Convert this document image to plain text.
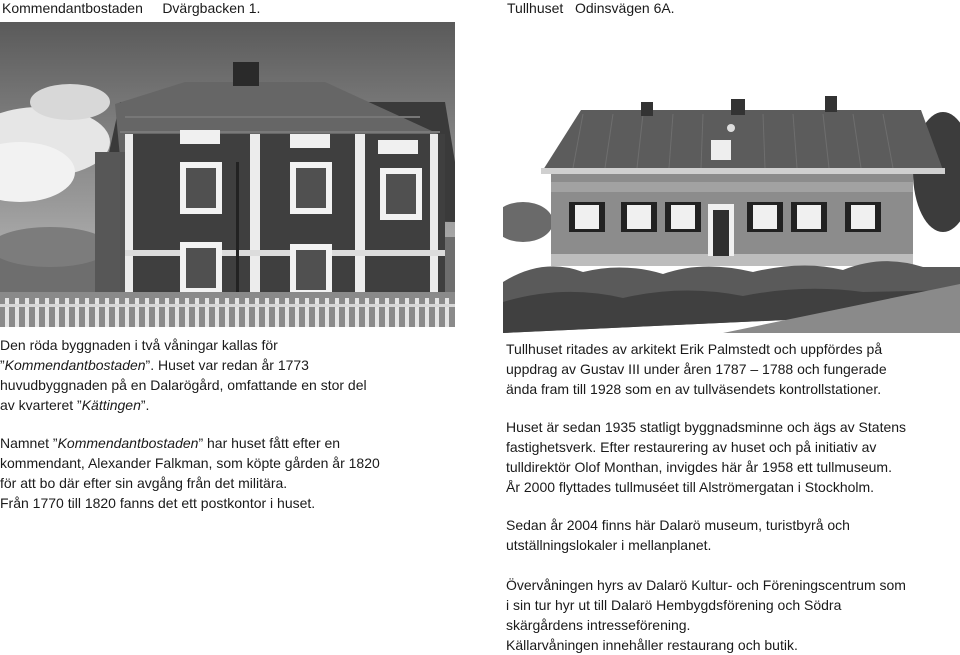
Kommendantbostaden     Dvärgbacken 1.	Tullhuset   Odinsvägen 6A.

Den röda byggnaden i två våningar kallas för
”Kommendantbostaden”. Huset var redan år 1773
huvudbyggnaden på en Dalarögård, omfattande en stor del
av kvarteret ”Kättingen”.

Namnet ”Kommendantbostaden” har huset fått efter en
kommendant, Alexander Falkman, som köpte gården år 1820
för att bo där efter sin avgång från det militära.
Från 1770 till 1820 fanns det ett postkontor i huset.

Tullhuset ritades av arkitekt Erik Palmstedt och uppfördes på
uppdrag av Gustav III under åren 1787 – 1788 och fungerade
ända fram till 1928 som en av tullväsendets kontrollstationer.

Huset är sedan 1935 statligt byggnadsminne och ägs av Statens
fastighetsverk. Efter restaurering av huset och på initiativ av
tulldirektör Olof Monthan, invigdes här år 1958 ett tullmuseum.
År 2000 flyttades tullmuséet till Alströmergatan i Stockholm.

Sedan år 2004 finns här Dalarö museum, turistbyrå och
utställningslokaler i mellanplanet.

Övervåningen hyrs av Dalarö Kultur- och Föreningscentrum som
i sin tur hyr ut till Dalarö Hembygdsförening och Södra
skärgårdens intresseförening.
Källarvåningen innehåller restaurang och butik.
